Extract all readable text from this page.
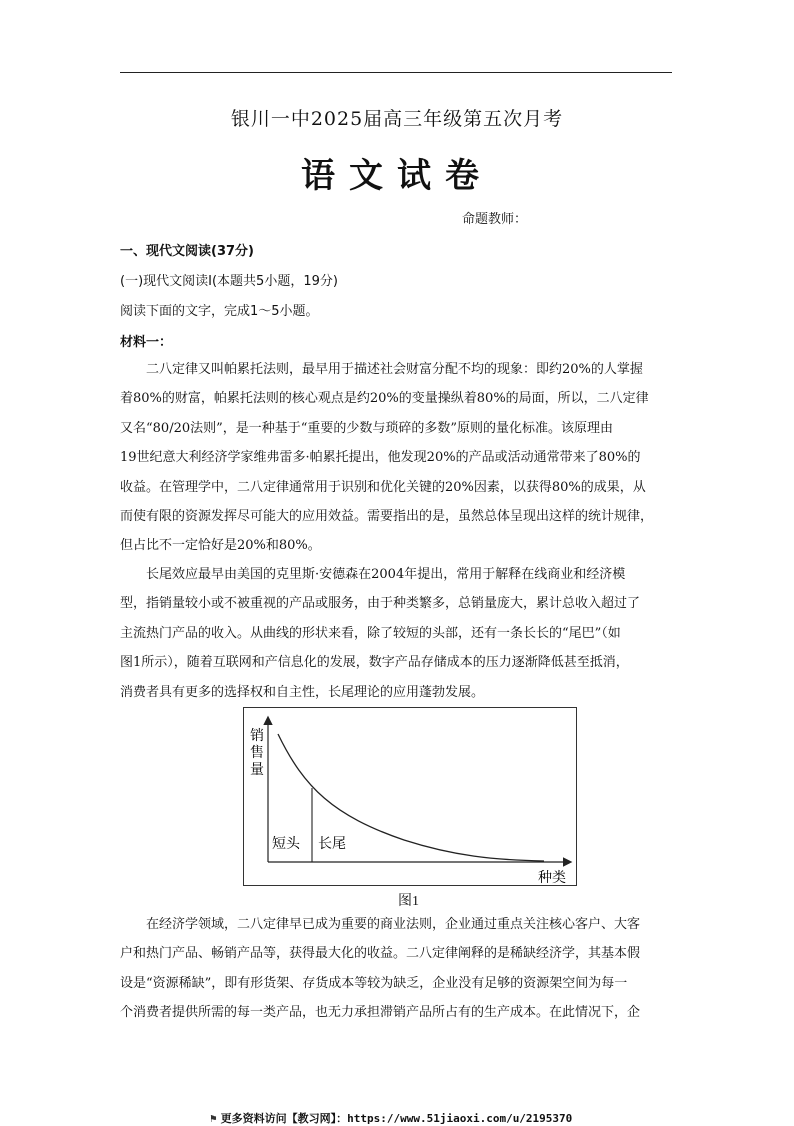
银川一中2025届高三年级第五次月考
语文试卷
命题教师：
一、现代文阅读(37分)
(一)现代文阅读Ⅰ(本题共5小题，19分)
阅读下面的文字，完成1～5小题。
材料一：
二八定律又叫帕累托法则，最早用于描述社会财富分配不均的现象：即约20%的人掌握
着80%的财富，帕累托法则的核心观点是约20%的变量操纵着80%的局面，所以，二八定律
又名“80/20法则”，是一种基于“重要的少数与琐碎的多数”原则的量化标准。该原理由
19世纪意大利经济学家维弗雷多·帕累托提出，他发现20%的产品或活动通常带来了80%的
收益。在管理学中，二八定律通常用于识别和优化关键的20%因素，以获得80%的成果，从
而使有限的资源发挥尽可能大的应用效益。需要指出的是，虽然总体呈现出这样的统计规律，
但占比不一定恰好是20%和80%。
长尾效应最早由美国的克里斯·安德森在2004年提出，常用于解释在线商业和经济模
型，指销量较小或不被重视的产品或服务，由于种类繁多，总销量庞大，累计总收入超过了
主流热门产品的收入。从曲线的形状来看，除了较短的头部，还有一条长长的“尾巴”（如
图1所示），随着互联网和产信息化的发展，数字产品存储成本的压力逐渐降低甚至抵消，
消费者具有更多的选择权和自主性，长尾理论的应用蓬勃发展。
销 售 量
短头 长尾
种类
图1
在经济学领域，二八定律早已成为重要的商业法则，企业通过重点关注核心客户、大客
户和热门产品、畅销产品等，获得最大化的收益。二八定律阐释的是稀缺经济学，其基本假
设是“资源稀缺”，即有形货架、存货成本等较为缺乏，企业没有足够的资源架空间为每一
个消费者提供所需的每一类产品，也无力承担滞销产品所占有的生产成本。在此情况下，企
⚑ 更多资料访问【教习网】：https://www.51jiaoxi.com/u/2195370
